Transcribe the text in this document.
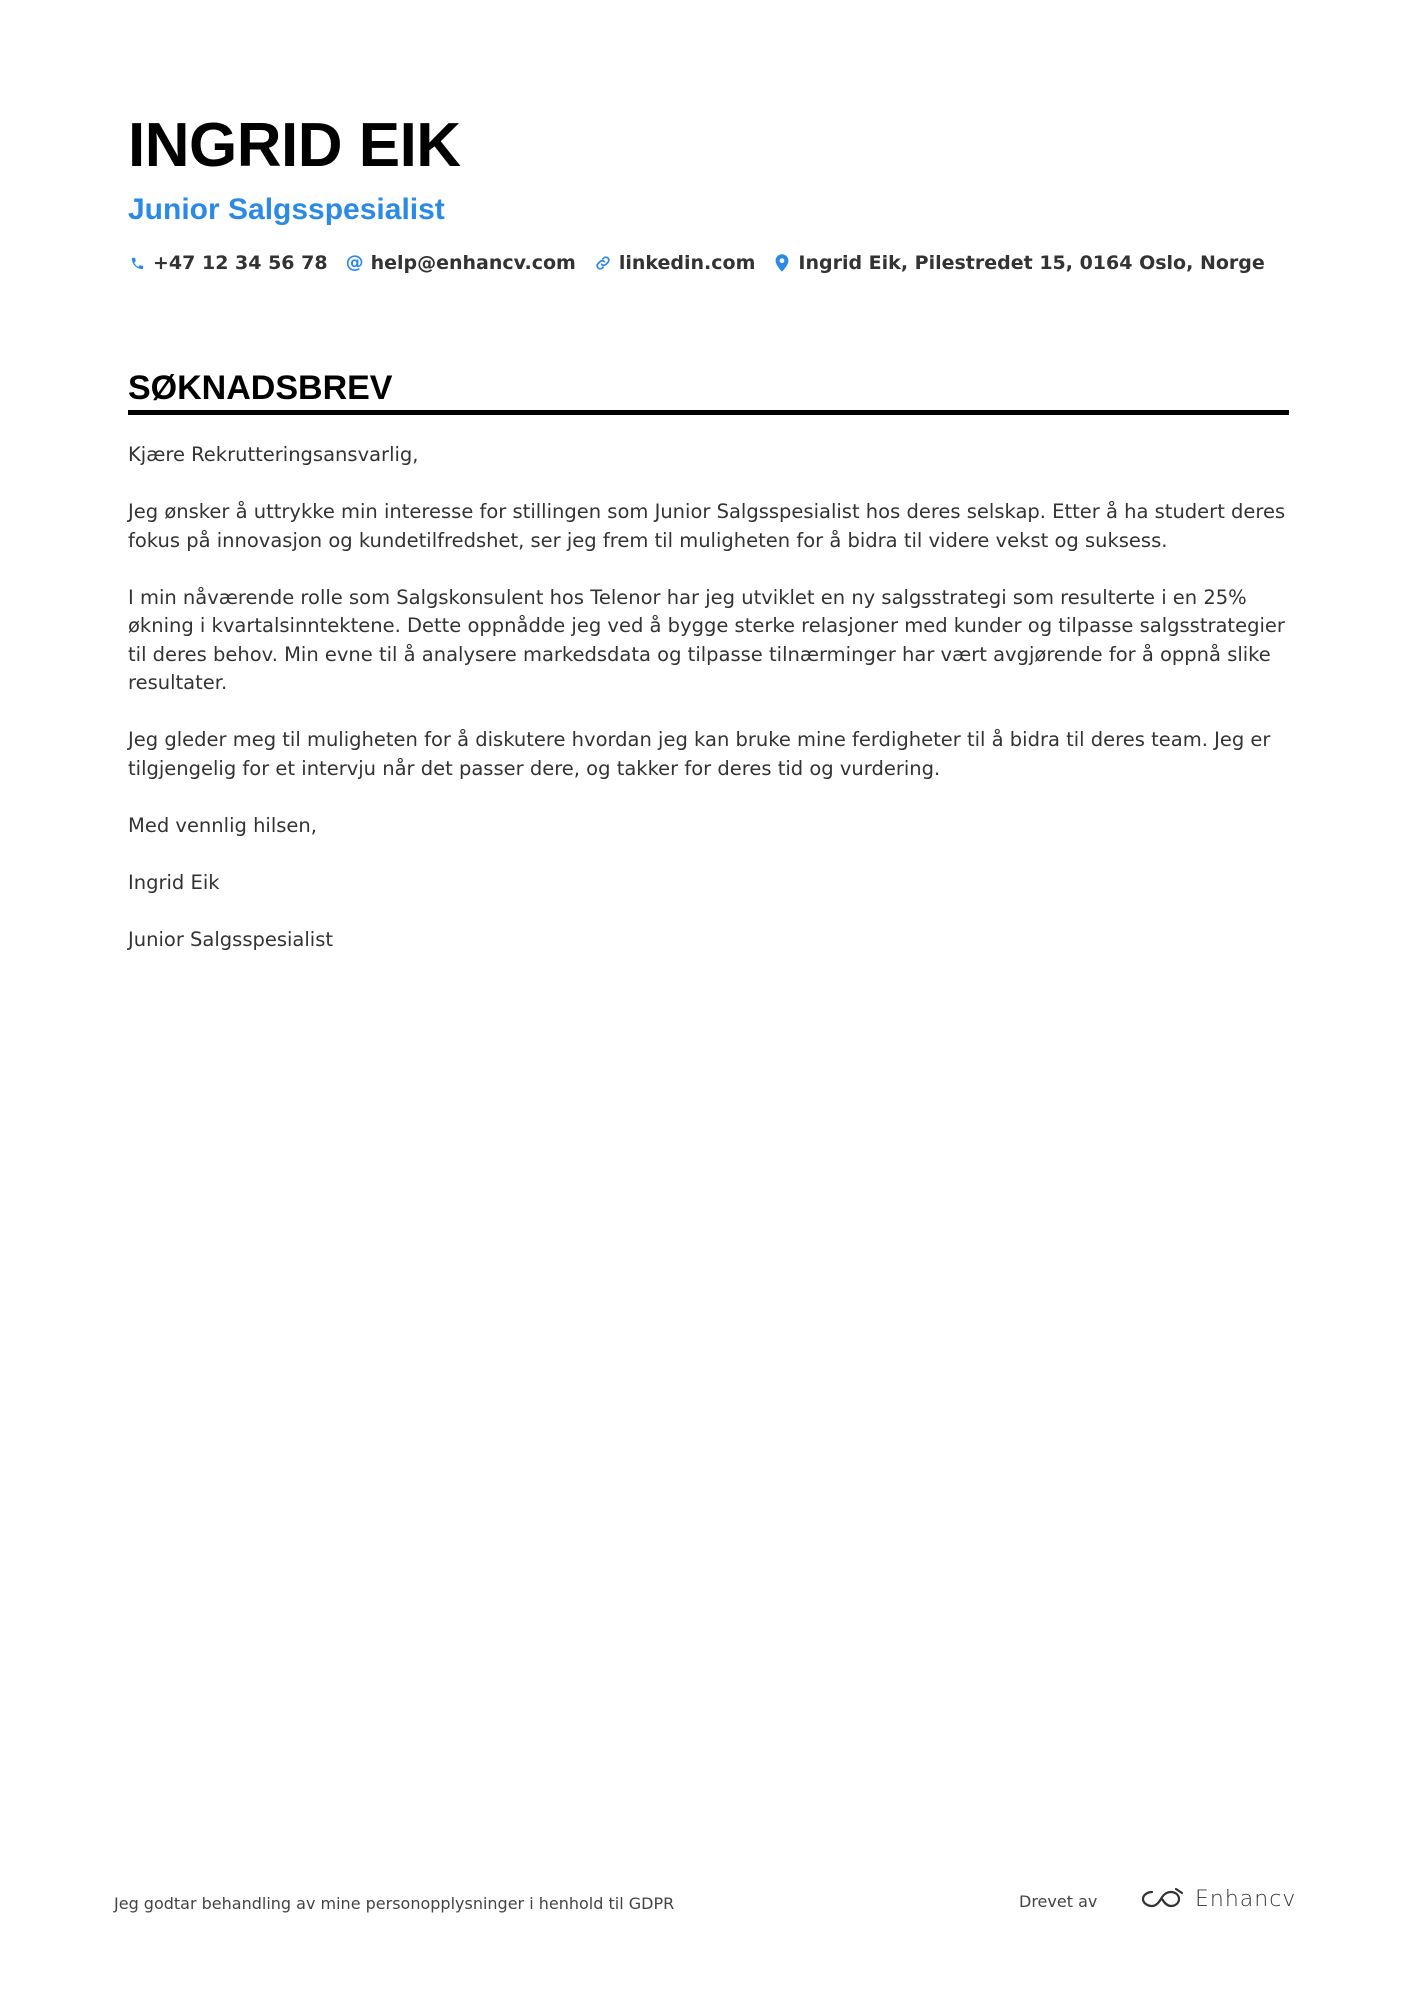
INGRID EIK
Junior Salgsspesialist
+47 12 34 56 78 @ help@enhancv.com linkedin.com Ingrid Eik, Pilestredet 15, 0164 Oslo, Norge
SØKNADSBREV

Kjære Rekrutteringsansvarlig,

Jeg ønsker å uttrykke min interesse for stillingen som Junior Salgsspesialist hos deres selskap. Etter å ha studert deres fokus på innovasjon og kundetilfredshet, ser jeg frem til muligheten for å bidra til videre vekst og suksess.

I min nåværende rolle som Salgskonsulent hos Telenor har jeg utviklet en ny salgsstrategi som resulterte i en 25% økning i kvartalsinntektene. Dette oppnådde jeg ved å bygge sterke relasjoner med kunder og tilpasse salgsstrategier til deres behov. Min evne til å analysere markedsdata og tilpasse tilnærminger har vært avgjørende for å oppnå slike resultater.

Jeg gleder meg til muligheten for å diskutere hvordan jeg kan bruke mine ferdigheter til å bidra til deres team. Jeg er tilgjengelig for et intervju når det passer dere, og takker for deres tid og vurdering.

Med vennlig hilsen,

Ingrid Eik

Junior Salgsspesialist

Jeg godtar behandling av mine personopplysninger i henhold til GDPR	Drevet av	Enhancv
